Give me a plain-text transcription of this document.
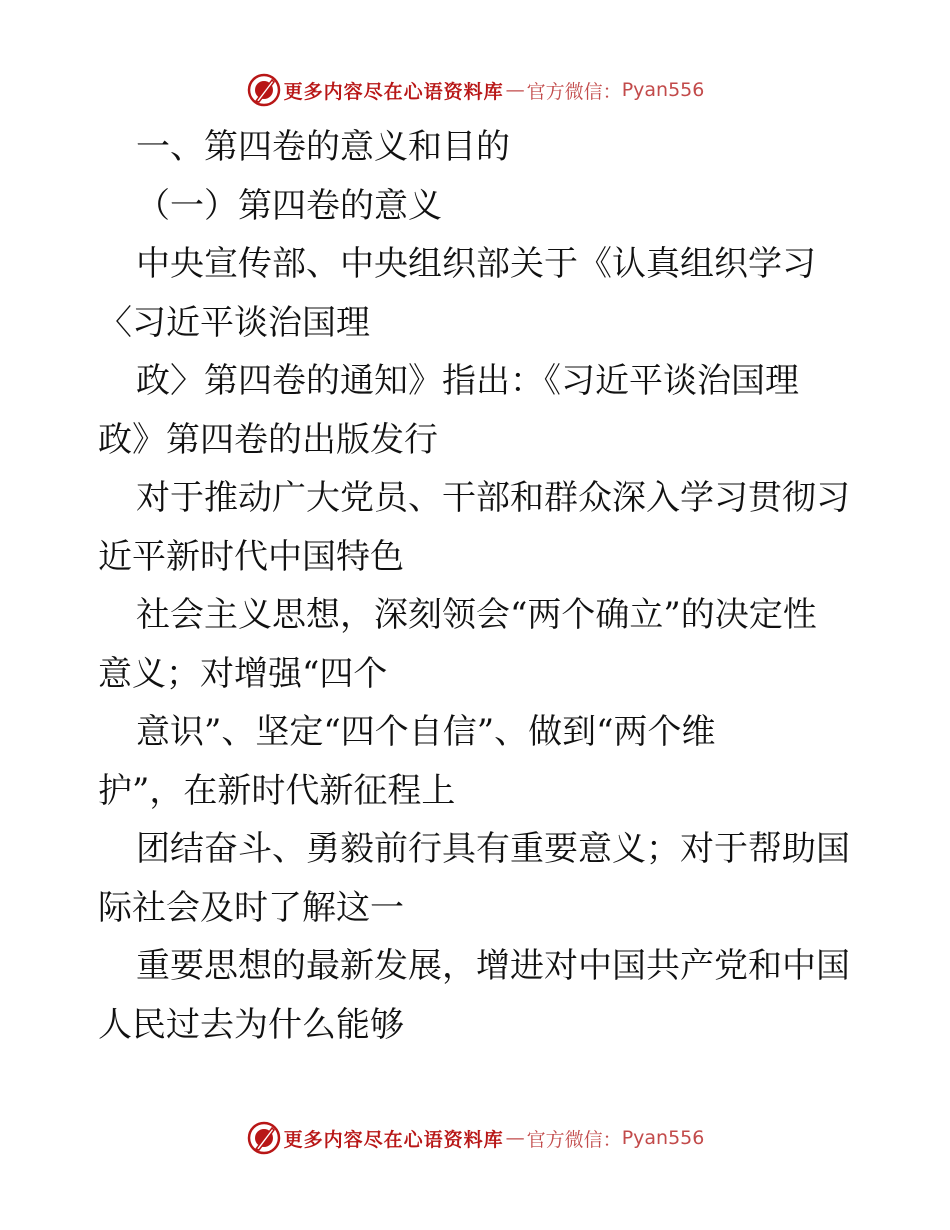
更多内容尽在心语资料库 — 官方微信： Pyan556
一、第四卷的意义和目的
（一）第四卷的意义
中央宣传部、中央组织部关于《认真组织学习
〈习近平谈治国理
政〉第四卷的通知》指出：《习近平谈治国理
政》第四卷的出版发行
对于推动广大党员、干部和群众深入学习贯彻习
近平新时代中国特色
社会主义思想，深刻领会“两个确立”的决定性
意义；对增强“四个
意识”、坚定“四个自信”、做到“两个维
护”，在新时代新征程上
团结奋斗、勇毅前行具有重要意义；对于帮助国
际社会及时了解这一
重要思想的最新发展，增进对中国共产党和中国
人民过去为什么能够
更多内容尽在心语资料库 — 官方微信： Pyan556
